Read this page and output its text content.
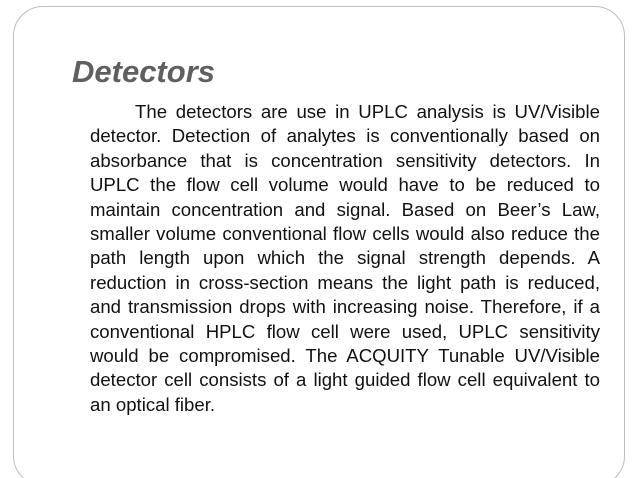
Detectors

The detectors are use in UPLC analysis is UV/Visible detector. Detection of analytes is conventionally based on absorbance that is concentration sensitivity detectors. In UPLC the flow cell volume would have to be reduced to maintain concentration and signal. Based on Beer’s Law, smaller volume conventional flow cells would also reduce the path length upon which the signal strength depends. A reduction in cross-section means the light path is reduced, and transmission drops with increasing noise. Therefore, if a conventional HPLC flow cell were used, UPLC sensitivity would be compromised. The ACQUITY Tunable UV/Visible detector cell consists of a light guided flow cell equivalent to an optical fiber.
